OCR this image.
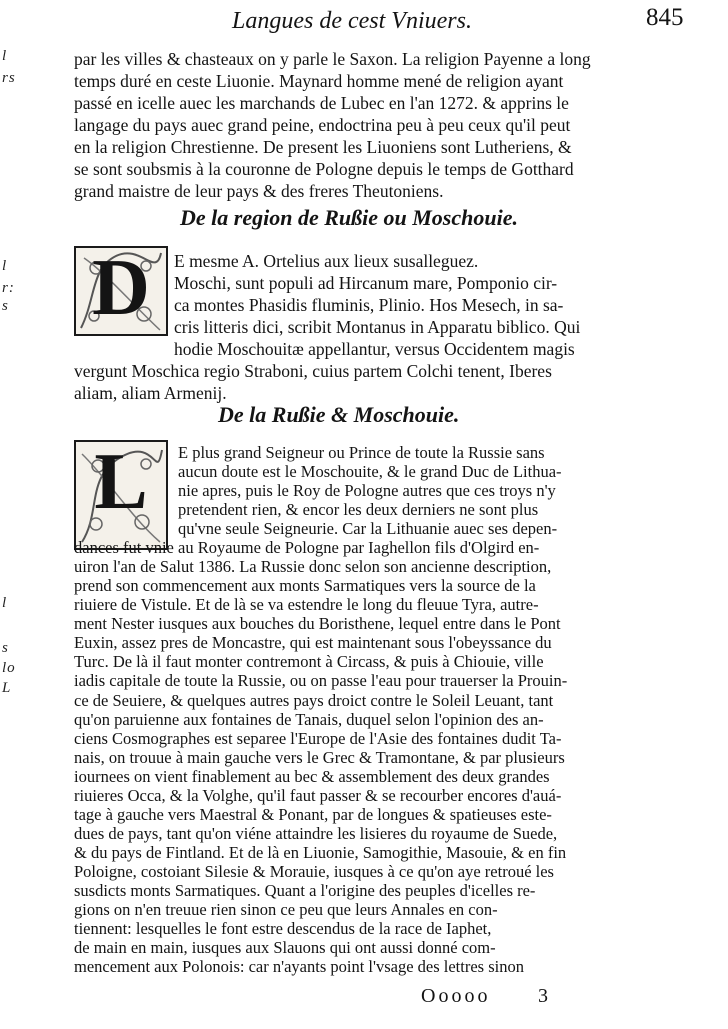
l
rs
l
r:
s
l
s
lo
L
Langues de cest Vniuers.	845
par les villes & chasteaux on y parle le Saxon. La religion Payenne a long
temps duré en ceste Liuonie. Maynard homme mené de religion ayant
passé en icelle auec les marchands de Lubec en l'an 1272. & apprins le
langage du pays auec grand peine, endoctrina peu à peu ceux qu'il peut
en la religion Chrestienne. De present les Liuoniens sont Lutheriens, &
se sont soubsmis à la couronne de Pologne depuis le temps de Gotthard
grand maistre de leur pays & des freres Theutoniens.
De la region de Rußie ou Moschouie.
D	E mesme A. Ortelius aux lieux susalleguez.
Moschi, sunt populi ad Hircanum mare, Pomponio cir-
ca montes Phasidis fluminis, Plinio. Hos Mesech, in sa-
cris litteris dici, scribit Montanus in Apparatu biblico. Qui
hodie Moschouitæ appellantur, versus Occidentem magis
vergunt Moschica regio Straboni, cuius partem Colchi tenent, Iberes
aliam, aliam Armenij.
De la Rußie & Moschouie.
L	E plus grand Seigneur ou Prince de toute la Russie sans
aucun doute est le Moschouite, & le grand Duc de Lithua-
nie apres, puis le Roy de Pologne autres que ces troys n'y
pretendent rien, & encor les deux derniers ne sont plus
qu'vne seule Seigneurie. Car la Lithuanie auec ses depen-
dances fut vnie au Royaume de Pologne par Iaghellon fils d'Olgird en-
uiron l'an de Salut 1386. La Russie donc selon son ancienne description,
prend son commencement aux monts Sarmatiques vers la source de la
riuiere de Vistule. Et de là se va estendre le long du fleuue Tyra, autre-
ment Nester iusques aux bouches du Boristhene, lequel entre dans le Pont
Euxin, assez pres de Moncastre, qui est maintenant sous l'obeyssance du
Turc. De là il faut monter contremont à Circass, & puis à Chiouie, ville
iadis capitale de toute la Russie, ou on passe l'eau pour trauerser la Prouin-
ce de Seuiere, & quelques autres pays droict contre le Soleil Leuant, tant
qu'on paruienne aux fontaines de Tanais, duquel selon l'opinion des an-
ciens Cosmographes est separee l'Europe de l'Asie des fontaines dudit Ta-
nais, on trouue à main gauche vers le Grec & Tramontane, & par plusieurs
iournees on vient finablement au bec & assemblement des deux grandes
riuieres Occa, & la Volghe, qu'il faut passer & se recourber encores d'auá-
tage à gauche vers Maestral & Ponant, par de longues & spatieuses este-
dues de pays, tant qu'on viéne attaindre les lisieres du royaume de Suede,
& du pays de Fintland. Et de là en Liuonie, Samogithie, Masouie, & en fin
Poloigne, costoiant Silesie & Morauie, iusques à ce qu'on aye retroué les
susdicts monts Sarmatiques. Quant a l'origine des peuples d'icelles re-
gions on n'en treuue rien sinon ce peu que leurs Annales en con-
tiennent: lesquelles le font estre descendus de la race de Iaphet,
de main en main, iusques aux Slauons qui ont aussi donné com-
mencement aux Polonois: car n'ayants point l'vsage des lettres sinon
Ooooo 3
